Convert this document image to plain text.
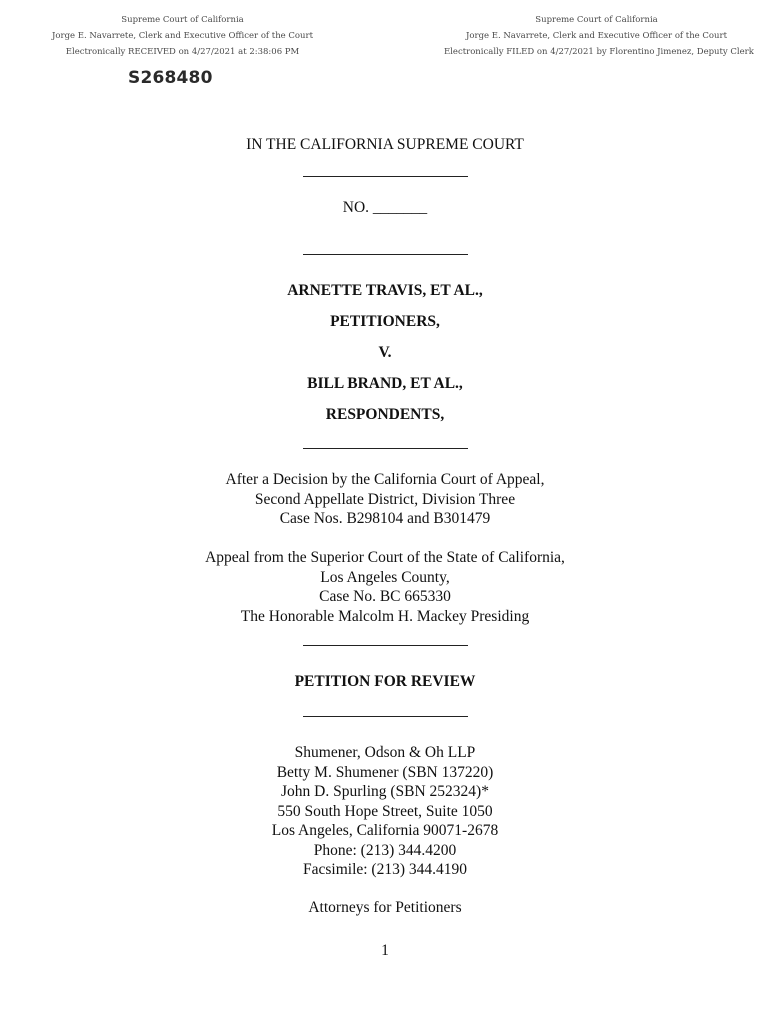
Supreme Court of California
Jorge E. Navarrete, Clerk and Executive Officer of the Court
Electronically RECEIVED on 4/27/2021 at 2:38:06 PM
Supreme Court of California
Jorge E. Navarrete, Clerk and Executive Officer of the Court
Electronically FILED on 4/27/2021 by Florentino Jimenez, Deputy Clerk
S268480
IN THE CALIFORNIA SUPREME COURT
NO. _______
ARNETTE TRAVIS, ET AL.,
PETITIONERS,
V.
BILL BRAND, ET AL.,
RESPONDENTS,
After a Decision by the California Court of Appeal,
Second Appellate District, Division Three
Case Nos. B298104 and B301479
Appeal from the Superior Court of the State of California,
Los Angeles County,
Case No. BC 665330
The Honorable Malcolm H. Mackey Presiding
PETITION FOR REVIEW
Shumener, Odson & Oh LLP
Betty M. Shumener (SBN 137220)
John D. Spurling (SBN 252324)*
550 South Hope Street, Suite 1050
Los Angeles, California 90071-2678
Phone: (213) 344.4200
Facsimile: (213) 344.4190
Attorneys for Petitioners
1
